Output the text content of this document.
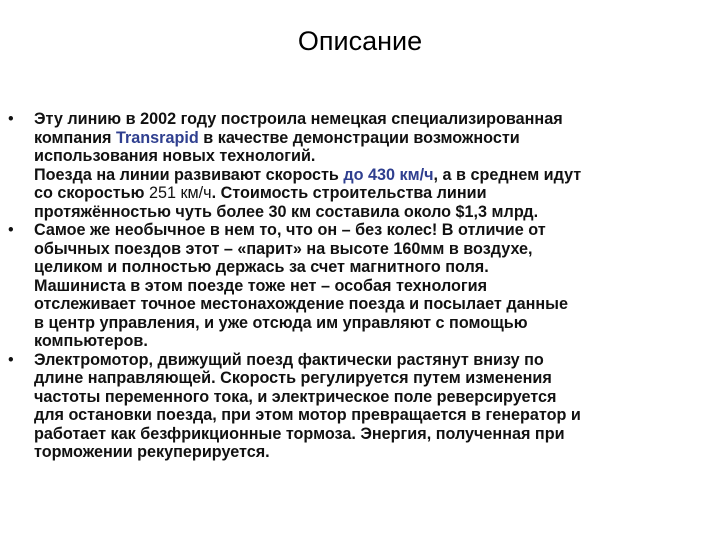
Описание
• Эту линию в 2002 году построила немецкая специализированная
компания Transrapid в качестве демонстрации возможности
использования новых технологий.
Поезда на линии развивают скорость до 430 км/ч, а в среднем идут
со скоростью 251 км/ч. Стоимость строительства линии
протяжённостью чуть более 30 км составила около $1,3 млрд.
• Самое же необычное в нем то, что он – без колес! В отличие от
обычных поездов этот – «парит» на высоте 160мм в воздухе,
целиком и полностью держась за счет магнитного поля.
Машиниста в этом поезде тоже нет – особая технология
отслеживает точное местонахождение поезда и посылает данные
в центр управления, и уже отсюда им управляют с помощью
компьютеров.
• Электромотор, движущий поезд фактически растянут внизу по
длине направляющей. Скорость регулируется путем изменения
частоты переменного тока, и электрическое поле реверсируется
для остановки поезда, при этом мотор превращается в генератор и
работает как безфрикционные тормоза. Энергия, полученная при
торможении рекуперируется.
